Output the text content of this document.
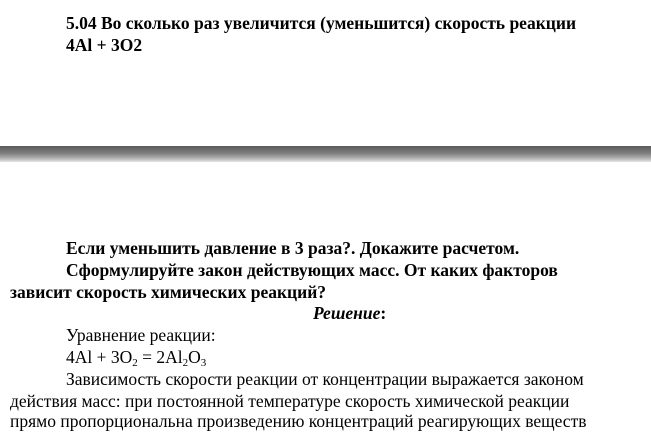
5.04 Во сколько раз увеличится (уменьшится) скорость реакции
4Al + 3O2
Если уменьшить давление в 3 раза?. Докажите расчетом.
Сформулируйте закон действующих масс. От каких факторов
зависит скорость химических реакций?
Решение:
Уравнение реакции:
$4Al + 3O_2 = 2Al_2O_3$
Зависимость скорости реакции от концентрации выражается законом
действия масс: при постоянной температуре скорость химической реакции
прямо пропорциональна произведению концентраций реагирующих веществ
